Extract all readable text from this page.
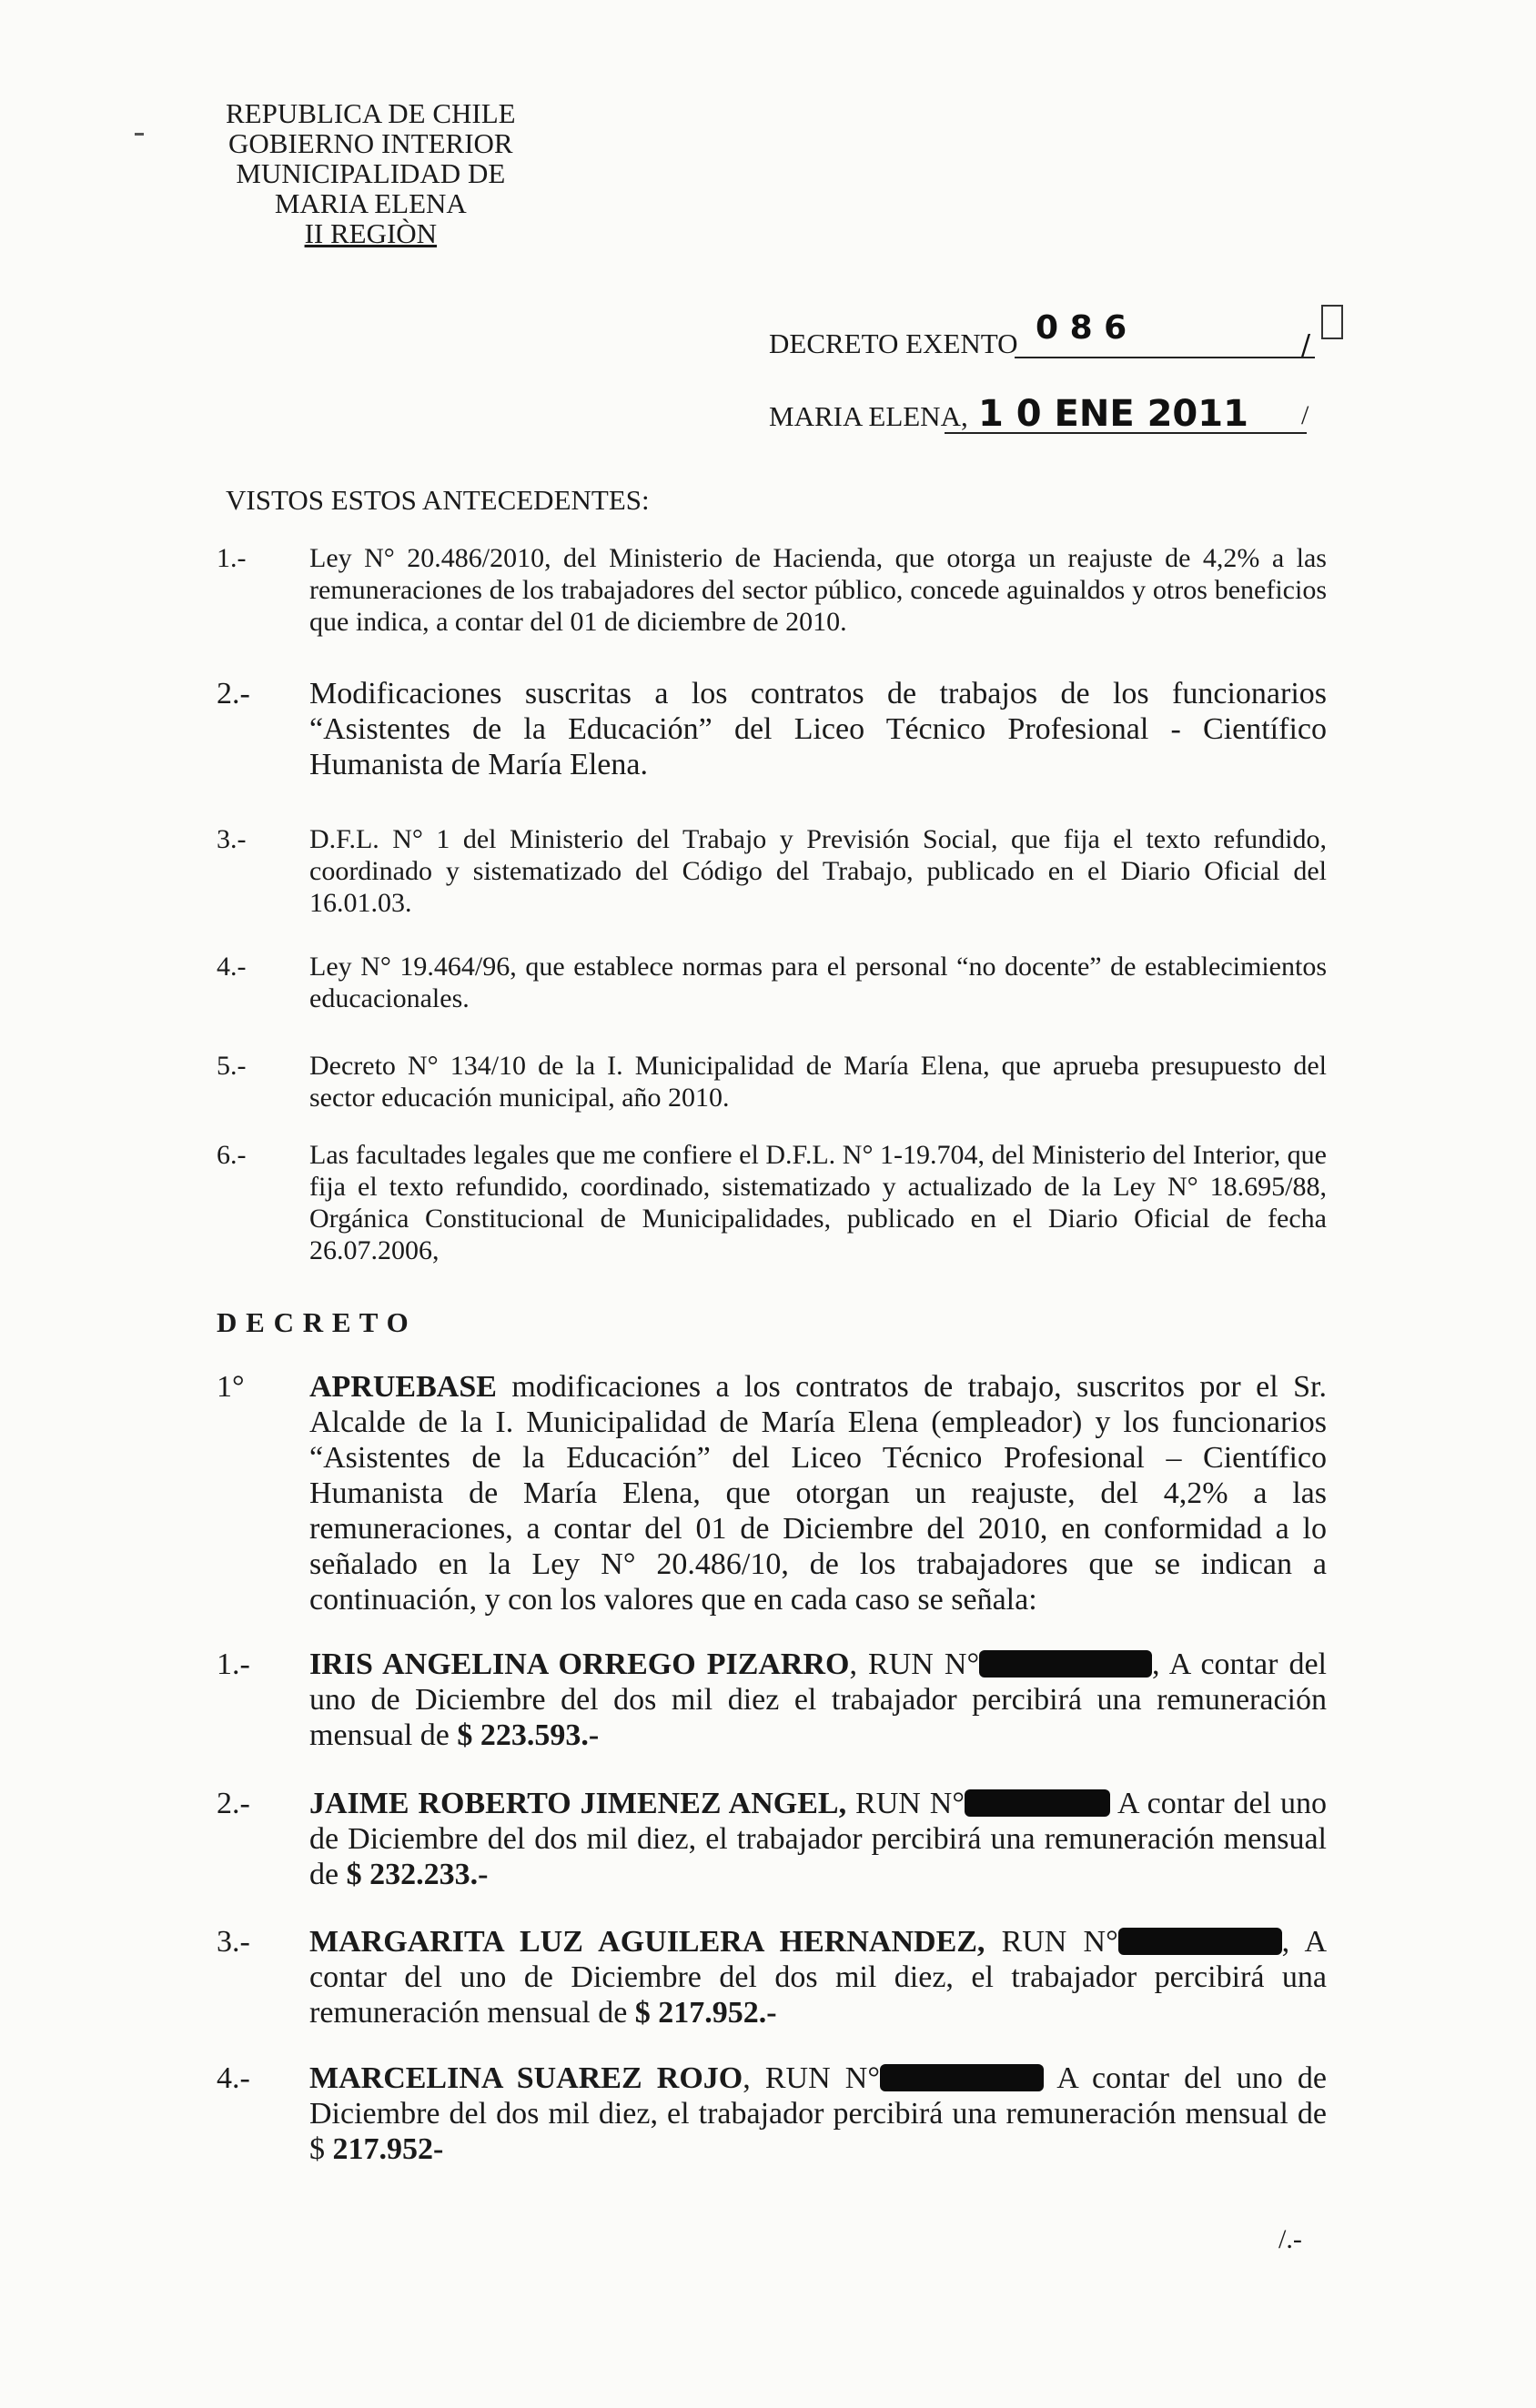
REPUBLICA DE CHILE
GOBIERNO INTERIOR
MUNICIPALIDAD DE
MARIA ELENA
II REGIÒN
DECRETO EXENTO 0 8 6	/
MARIA ELENA, 1 0 ENE 2011 /
VISTOS ESTOS ANTECEDENTES:
1.- Ley N° 20.486/2010, del Ministerio de Hacienda, que otorga un reajuste de 4,2% a las remuneraciones de los trabajadores del sector público, concede aguinaldos y otros beneficios que indica, a contar del 01 de diciembre de 2010.
2.- Modificaciones suscritas a los contratos de trabajos de los funcionarios “Asistentes de la Educación” del Liceo Técnico Profesional - Científico Humanista de María Elena.
3.- D.F.L. N° 1 del Ministerio del Trabajo y Previsión Social, que fija el texto refundido, coordinado y sistematizado del Código del Trabajo, publicado en el Diario Oficial del 16.01.03.
4.- Ley N° 19.464/96, que establece normas para el personal “no docente” de establecimientos educacionales.
5.- Decreto N° 134/10 de la I. Municipalidad de María Elena, que aprueba presupuesto del sector educación municipal, año 2010.
6.- Las facultades legales que me confiere el D.F.L. N° 1-19.704, del Ministerio del Interior, que fija el texto refundido, coordinado, sistematizado y actualizado de la Ley N° 18.695/88, Orgánica Constitucional de Municipalidades, publicado en el Diario Oficial de fecha 26.07.2006,
D E C R E T O
1° APRUEBASE modificaciones a los contratos de trabajo, suscritos por el Sr. Alcalde de la I. Municipalidad de María Elena (empleador) y los funcionarios “Asistentes de la Educación” del Liceo Técnico Profesional – Científico Humanista de María Elena, que otorgan un reajuste, del 4,2% a las remuneraciones, a contar del 01 de Diciembre del 2010, en conformidad a lo señalado en la Ley N° 20.486/10, de los trabajadores que se indican a continuación, y con los valores que en cada caso se señala:
1.- IRIS ANGELINA ORREGO PIZARRO, RUN N°	, A contar del uno de Diciembre del dos mil diez el trabajador percibirá una remuneración mensual de $ 223.593.-
2.- JAIME ROBERTO JIMENEZ ANGEL, RUN N°	A contar del uno de Diciembre del dos mil diez, el trabajador percibirá una remuneración mensual de $ 232.233.-
3.- MARGARITA LUZ AGUILERA HERNANDEZ, RUN N°	, A contar del uno de Diciembre del dos mil diez, el trabajador percibirá una remuneración mensual de $ 217.952.-
4.- MARCELINA SUAREZ ROJO, RUN N°	A contar del uno de Diciembre del dos mil diez, el trabajador percibirá una remuneración mensual de $ 217.952-
/.-
